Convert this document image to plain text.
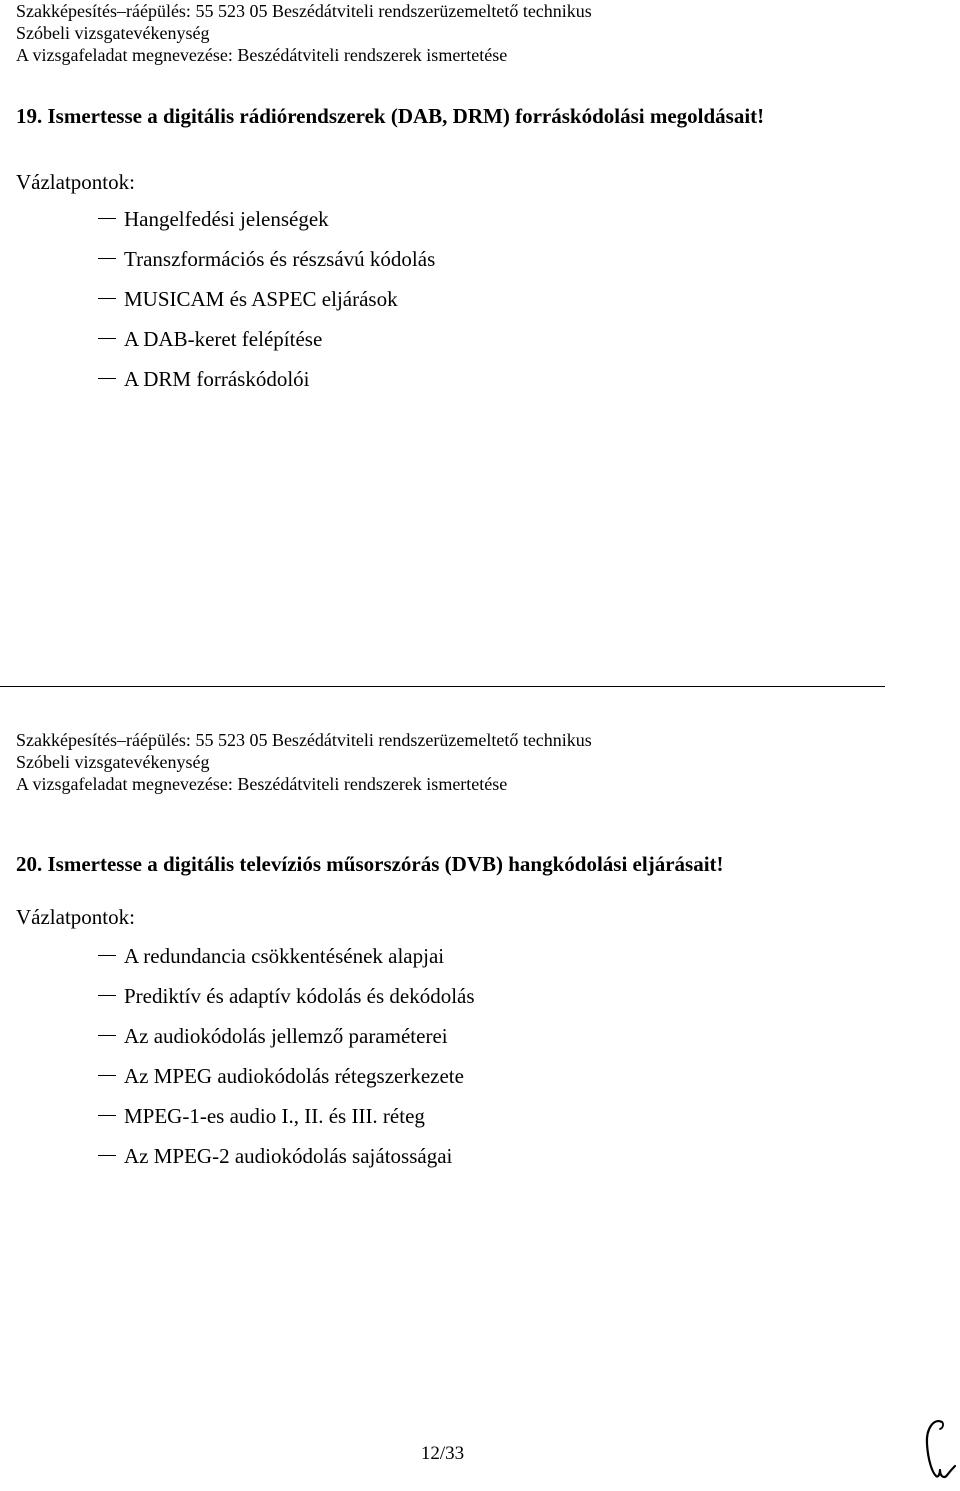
Szakképesítés–ráépülés: 55 523 05 Beszédátviteli rendszerüzemeltető technikus
Szóbeli vizsgatevékenység
A vizsgafeladat megnevezése: Beszédátviteli rendszerek ismertetése
19. Ismertesse a digitális rádiórendszerek (DAB, DRM) forráskódolási megoldásait!
Vázlatpontok:
Hangelfedési jelenségek
Transzformációs és részsávú kódolás
MUSICAM és ASPEC eljárások
A DAB-keret felépítése
A DRM forráskódolói
Szakképesítés–ráépülés: 55 523 05 Beszédátviteli rendszerüzemeltető technikus
Szóbeli vizsgatevékenység
A vizsgafeladat megnevezése: Beszédátviteli rendszerek ismertetése
20. Ismertesse a digitális televíziós műsorszórás (DVB) hangkódolási eljárásait!
Vázlatpontok:
A redundancia csökkentésének alapjai
Prediktív és adaptív kódolás és dekódolás
Az audiokódolás jellemző paraméterei
Az MPEG audiokódolás rétegszerkezete
MPEG-1-es audio I., II. és III. réteg
Az MPEG-2 audiokódolás sajátosságai
12/33
